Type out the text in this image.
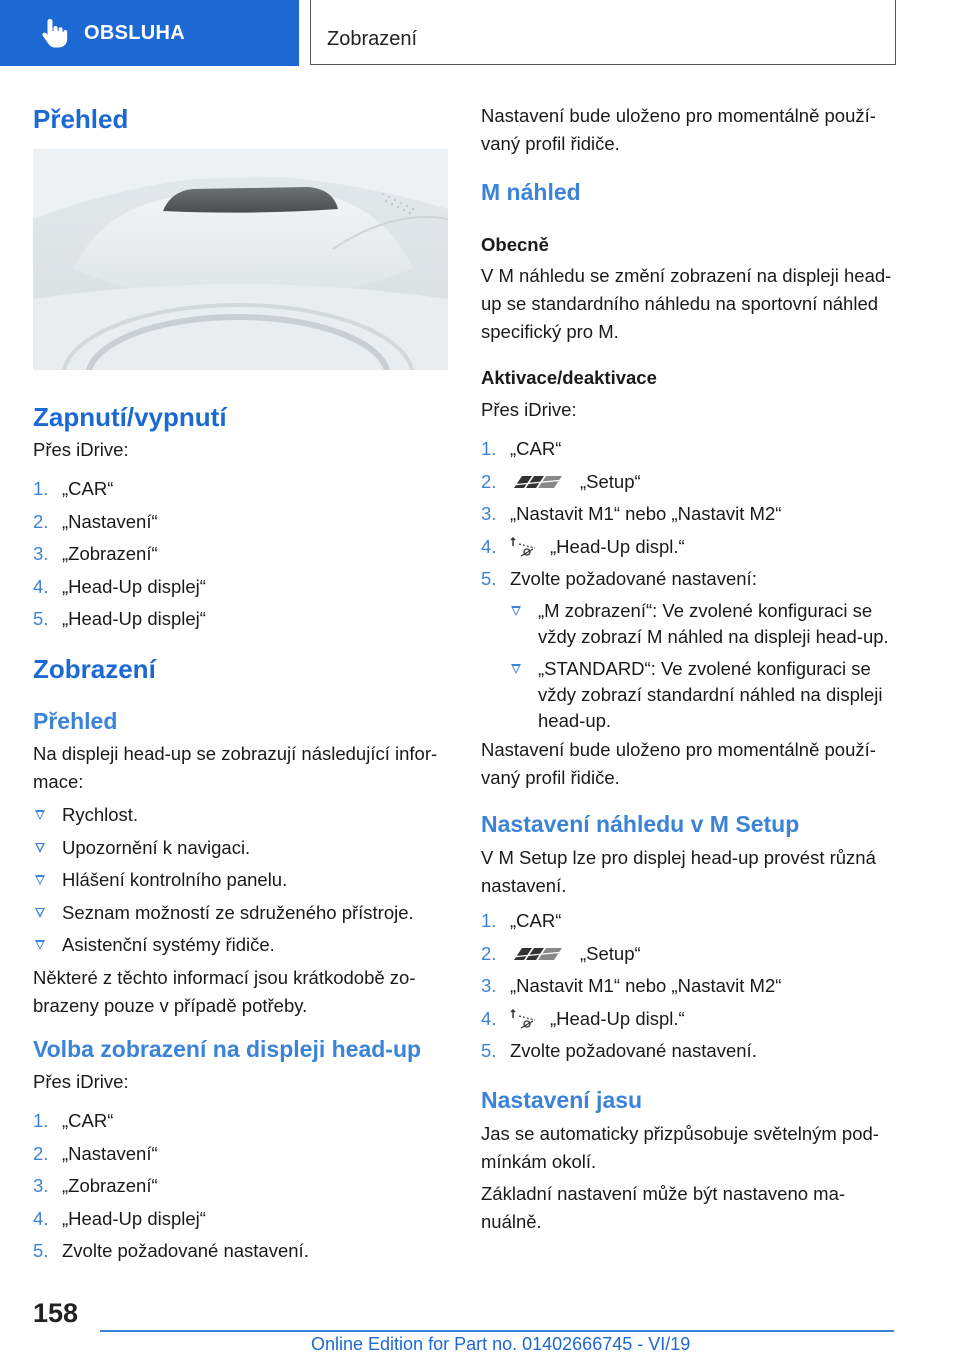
OBSLUHA	Zobrazení
Přehled
Zapnutí/vypnutí
Přes iDrive:
1. „CAR“
2. „Nastavení“
3. „Zobrazení“
4. „Head-Up displej“
5. „Head-Up displej“
Zobrazení
Přehled
Na displeji head-up se zobrazují následující infor-mace:
Rychlost.
Upozornění k navigaci.
Hlášení kontrolního panelu.
Seznam možností ze sdruženého přístroje.
Asistenční systémy řidiče.
Některé z těchto informací jsou krátkodobě zo-brazeny pouze v případě potřeby.
Volba zobrazení na displeji head-up
Přes iDrive:
1. „CAR“
2. „Nastavení“
3. „Zobrazení“
4. „Head-Up displej“
5. Zvolte požadované nastavení.
Nastavení bude uloženo pro momentálně použí-vaný profil řidiče.
M náhled
Obecně
V M náhledu se změní zobrazení na displeji head-up se standardního náhledu na sportovní náhled specifický pro M.
Aktivace/deaktivace
Přes iDrive:
1. „CAR“
2.	„Setup“
3. „Nastavit M1“ nebo „Nastavit M2“
4.	„Head-Up displ.“
5. Zvolte požadované nastavení:
„M zobrazení“: Ve zvolené konfiguraci se vždy zobrazí M náhled na displeji head-up.
„STANDARD“: Ve zvolené konfiguraci se vždy zobrazí standardní náhled na displeji head-up.
Nastavení bude uloženo pro momentálně použí-vaný profil řidiče.
Nastavení náhledu v M Setup
V M Setup lze pro displej head-up provést různá nastavení.
1. „CAR“
2.	„Setup“
3. „Nastavit M1“ nebo „Nastavit M2“
4.	„Head-Up displ.“
5. Zvolte požadované nastavení.
Nastavení jasu
Jas se automaticky přizpůsobuje světelným pod-mínkám okolí.
Základní nastavení může být nastaveno ma-nuálně.
158
Online Edition for Part no. 01402666745 - VI/19
